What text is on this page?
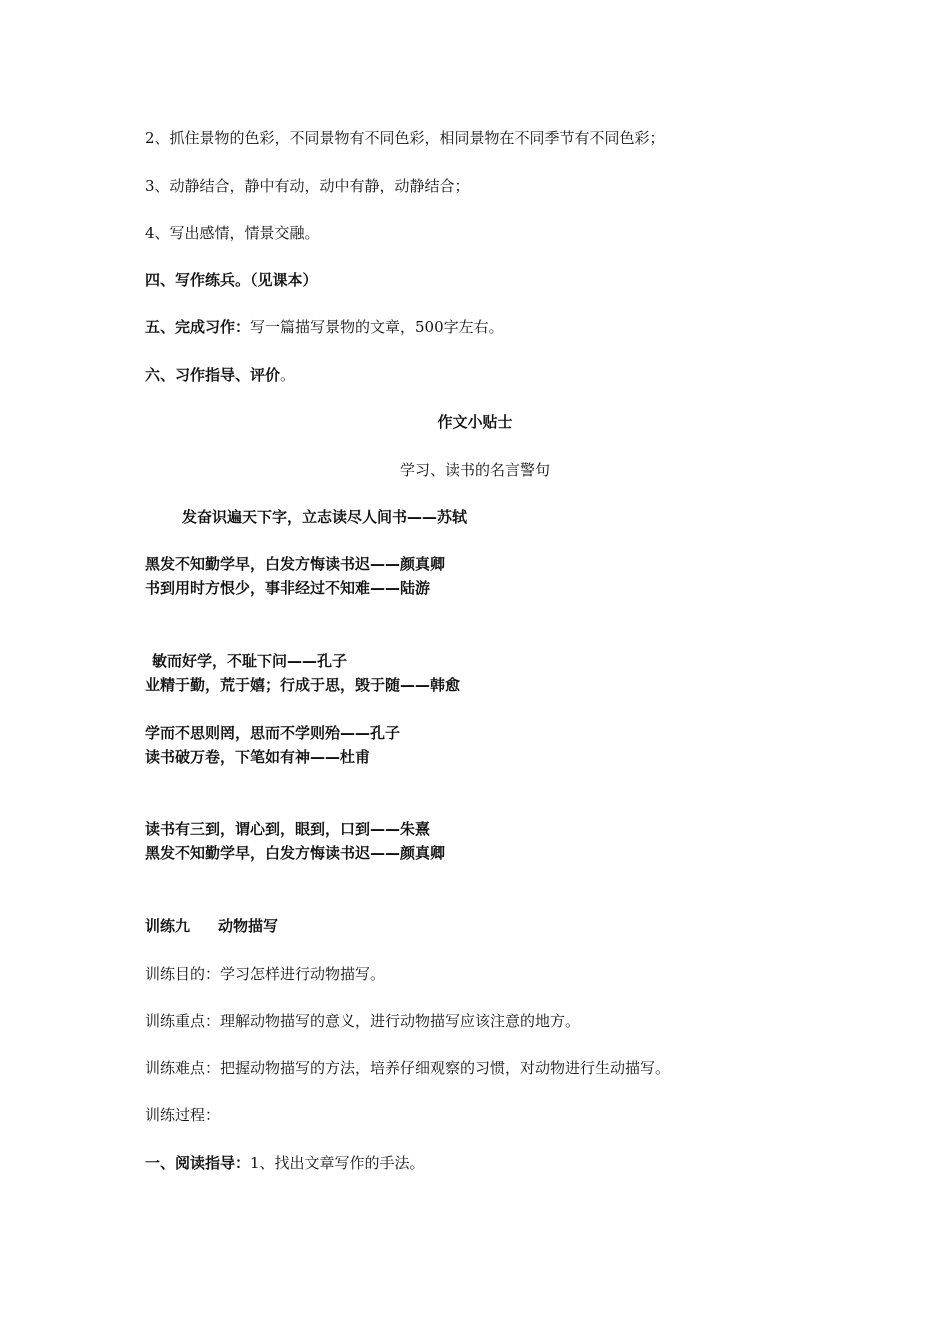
2、抓住景物的色彩，不同景物有不同色彩，相同景物在不同季节有不同色彩；
3、动静结合，静中有动，动中有静，动静结合；
4、写出感情，情景交融。
四、写作练兵。（见课本）
五、完成习作：写一篇描写景物的文章，500字左右。
六、习作指导、评价。
作文小贴士
学习、读书的名言警句
发奋识遍天下字，立志读尽人间书——苏轼
黑发不知勤学早，白发方悔读书迟——颜真卿
书到用时方恨少，事非经过不知难——陆游
敏而好学，不耻下问——孔子
业精于勤，荒于嬉；行成于思，毁于随——韩愈
学而不思则罔，思而不学则殆——孔子
读书破万卷，下笔如有神——杜甫
读书有三到，谓心到，眼到，口到——朱熹
黑发不知勤学早，白发方悔读书迟——颜真卿
训练九 动物描写
训练目的：学习怎样进行动物描写。
训练重点：理解动物描写的意义，进行动物描写应该注意的地方。
训练难点：把握动物描写的方法，培养仔细观察的习惯，对动物进行生动描写。
训练过程：
一、阅读指导：1、找出文章写作的手法。
